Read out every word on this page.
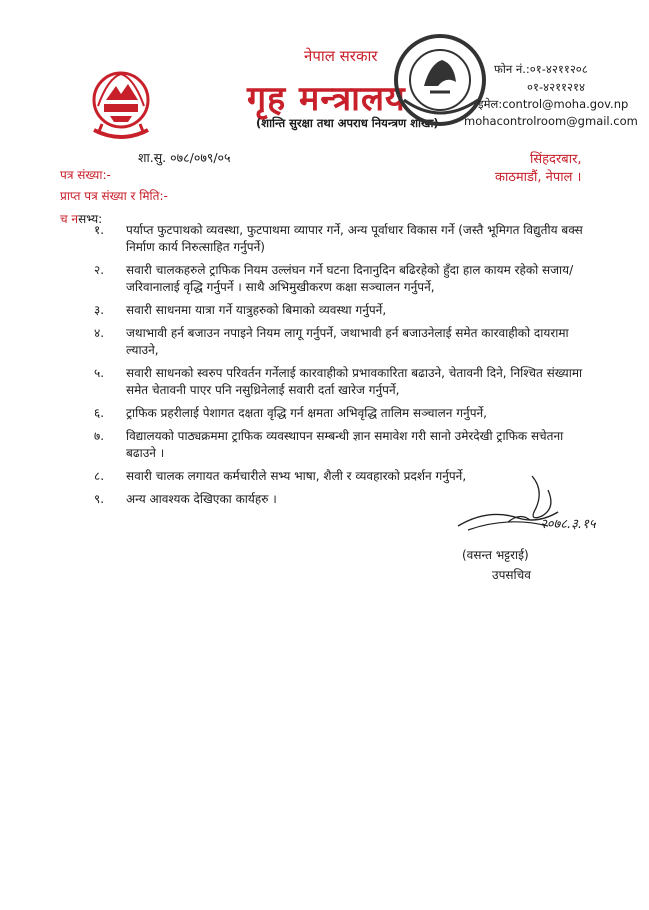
नेपाल सरकार
गृह मन्त्रालय
(शान्ति सुरक्षा तथा अपराध नियन्त्रण शाखा)
फोन नं.:०१-४२११२०८
०१-४२११२१४
इमेल:control@moha.gov.np
mohacontrolroom@gmail.com
शा.सु. ०७८/०७९/०५
पत्र संख्या:-
प्राप्त पत्र संख्या र मिति:-
सिंहदरबार,
काठमाडौं, नेपाल ।
च नसभ्य:
१.	पर्याप्त फुटपाथको व्यवस्था, फुटपाथमा व्यापार गर्ने, अन्य पूर्वाधार विकास गर्ने (जस्तै भूमिगत विद्युतीय बक्स निर्माण कार्य निरुत्साहित गर्नुपर्ने)
२.	सवारी चालकहरुले ट्राफिक नियम उल्लंघन गर्ने घटना दिनानुदिन बढिरहेको हुँदा हाल कायम रहेको सजाय/जरिवानालाई वृद्धि गर्नुपर्ने । साथै अभिमुखीकरण कक्षा सञ्चालन गर्नुपर्ने,
३.	सवारी साधनमा यात्रा गर्ने यात्रुहरुको बिमाको व्यवस्था गर्नुपर्ने,
४.	जथाभावी हर्न बजाउन नपाइने नियम लागू गर्नुपर्ने, जथाभावी हर्न बजाउनेलाई समेत कारवाहीको दायरामा ल्याउने,
५.	सवारी साधनको स्वरुप परिवर्तन गर्नेलाई कारवाहीको प्रभावकारिता बढाउने, चेतावनी दिने, निश्चित संख्यामा समेत चेतावनी पाएर पनि नसुध्रिनेलाई सवारी दर्ता खारेज गर्नुपर्ने,
६.	ट्राफिक प्रहरीलाई पेशागत दक्षता वृद्धि गर्न क्षमता अभिवृद्धि तालिम सञ्चालन गर्नुपर्ने,
७.	विद्यालयको पाठ्यक्रममा ट्राफिक व्यवस्थापन सम्बन्धी ज्ञान समावेश गरी सानो उमेरदेखी ट्राफिक सचेतना बढाउने ।
८.	सवारी चालक लगायत कर्मचारीले सभ्य भाषा, शैली र व्यवहारको प्रदर्शन गर्नुपर्ने,
९.	अन्य आवश्यक देखिएका कार्यहरु ।
२०७८.३.१५
(वसन्त भट्टराई)
उपसचिव
